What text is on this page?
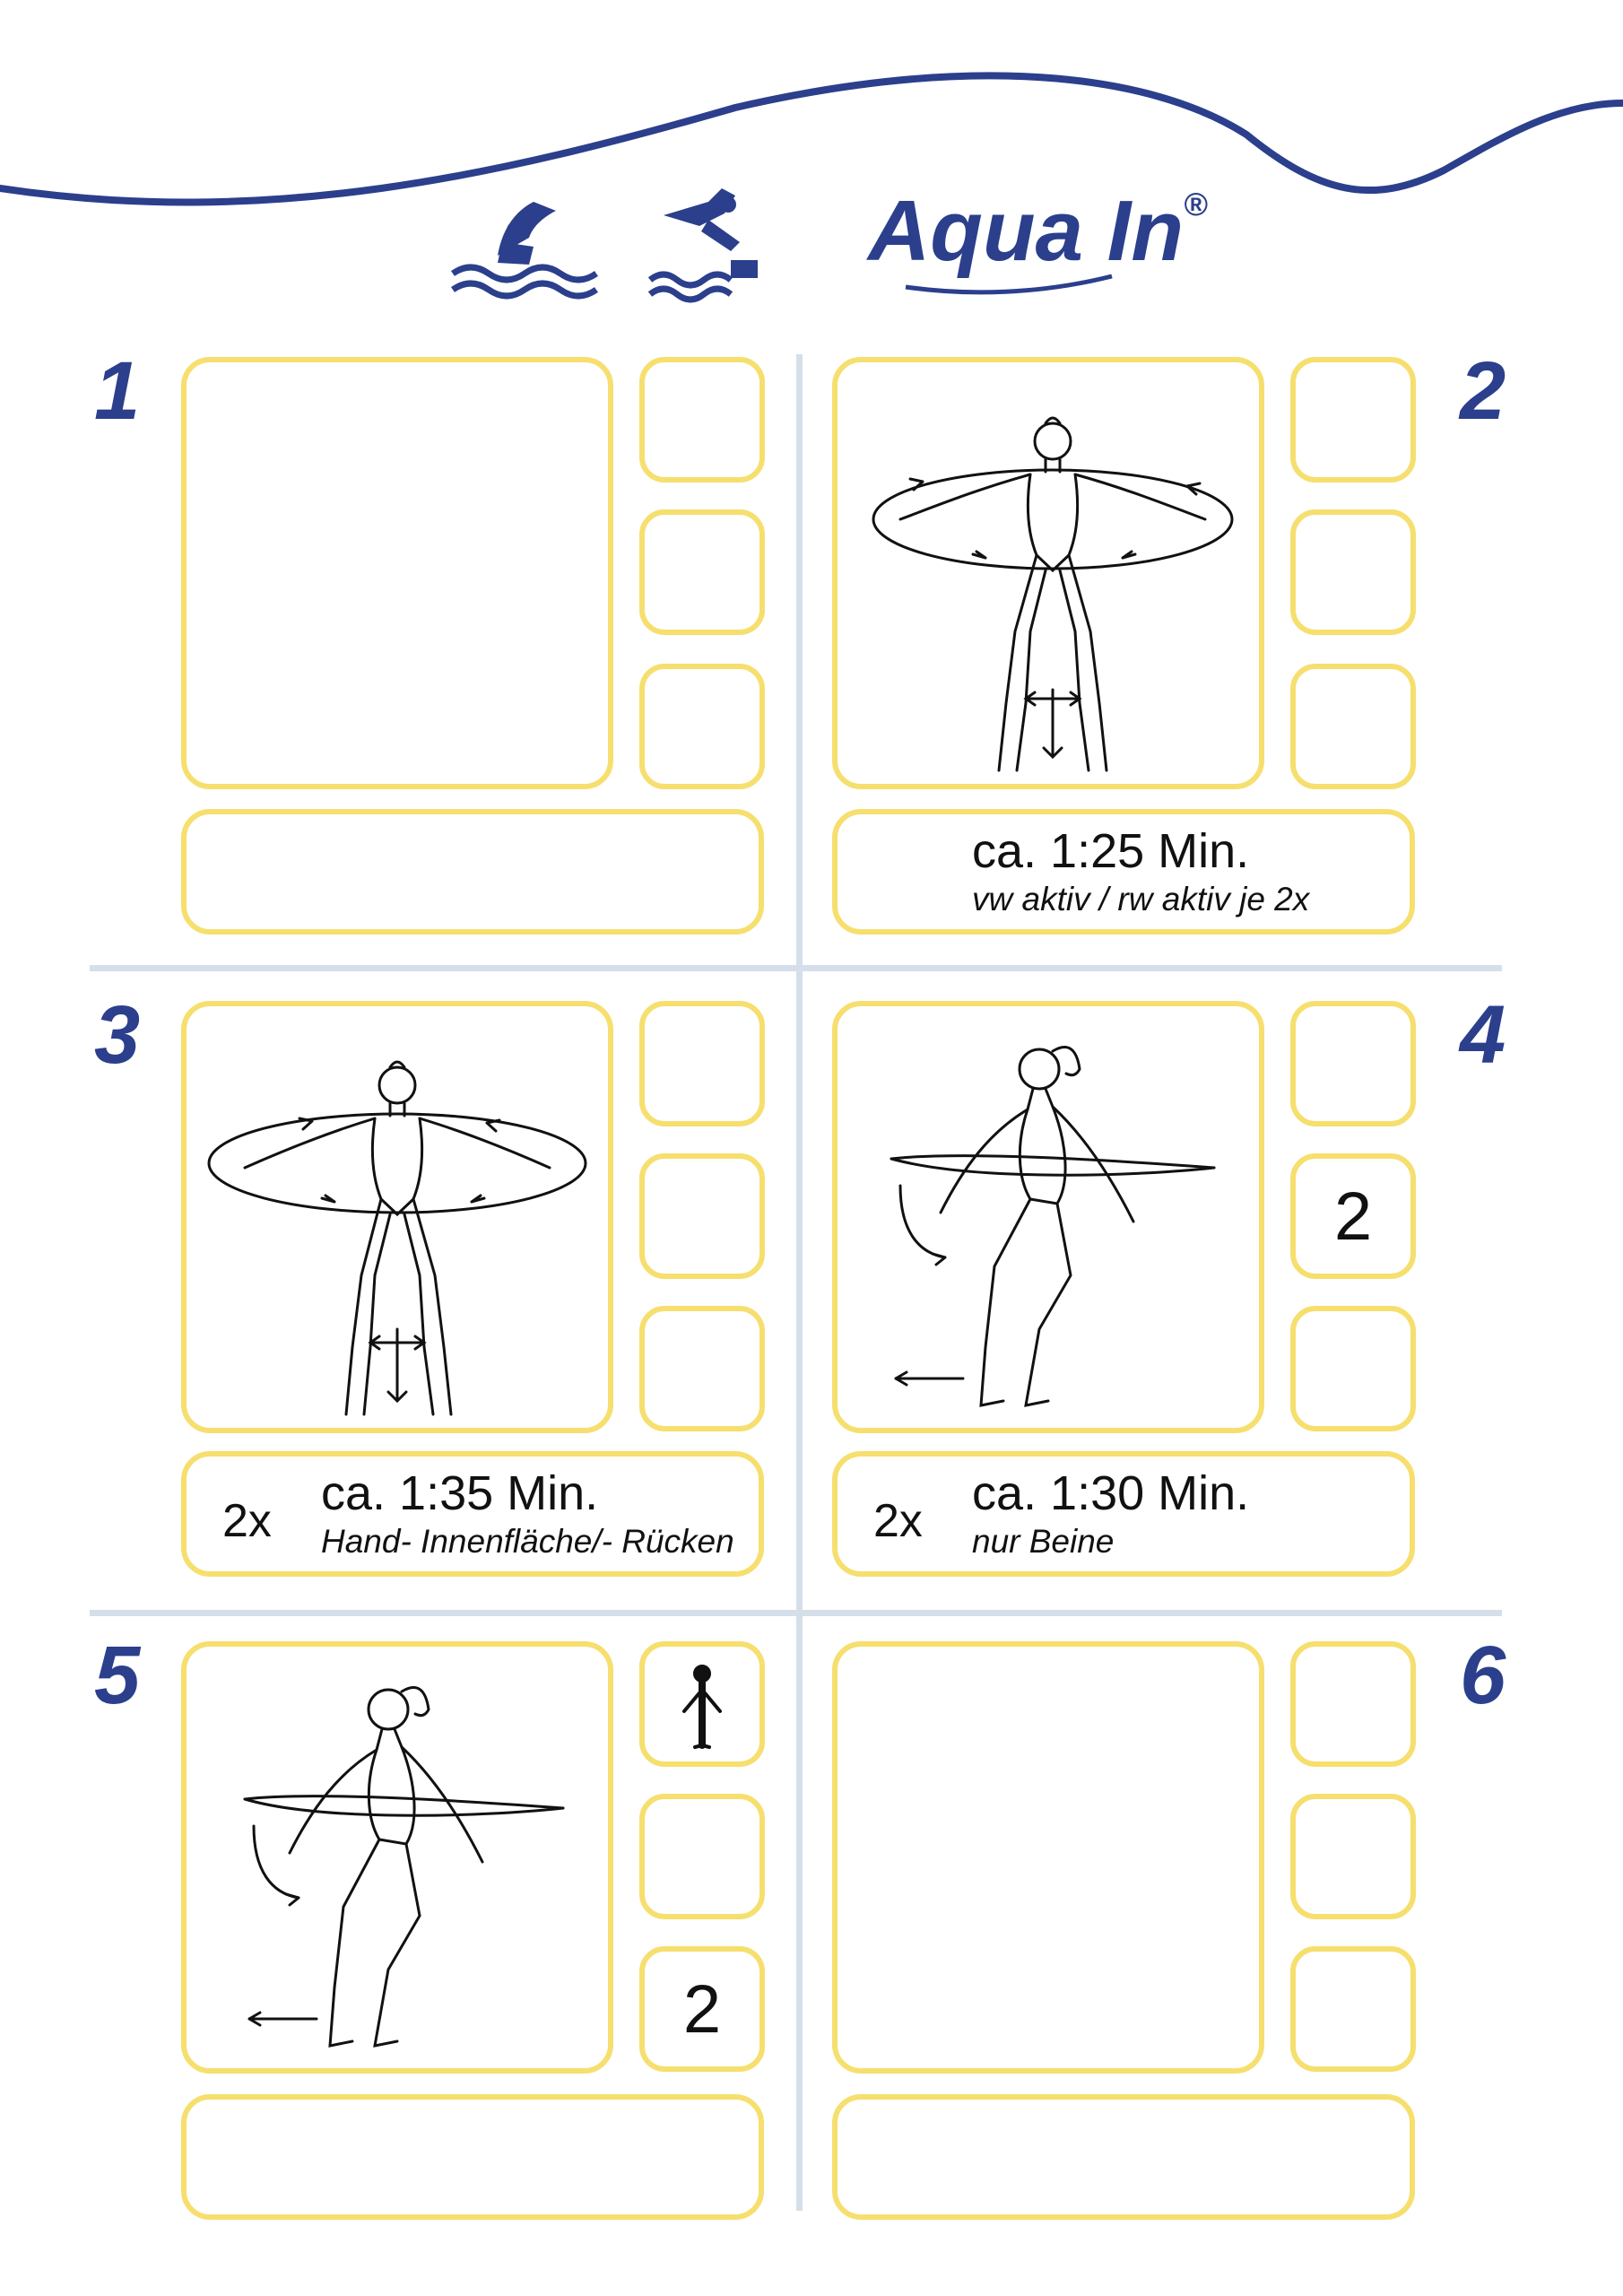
Aqua In®
1	2
ca. 1:25 Min.
vw aktiv / rw aktiv je 2x
3
2x
ca. 1:35 Min.
Hand- Innenfläche/- Rücken
4
2
2x
ca. 1:30 Min.
nur Beine
5
2
6
